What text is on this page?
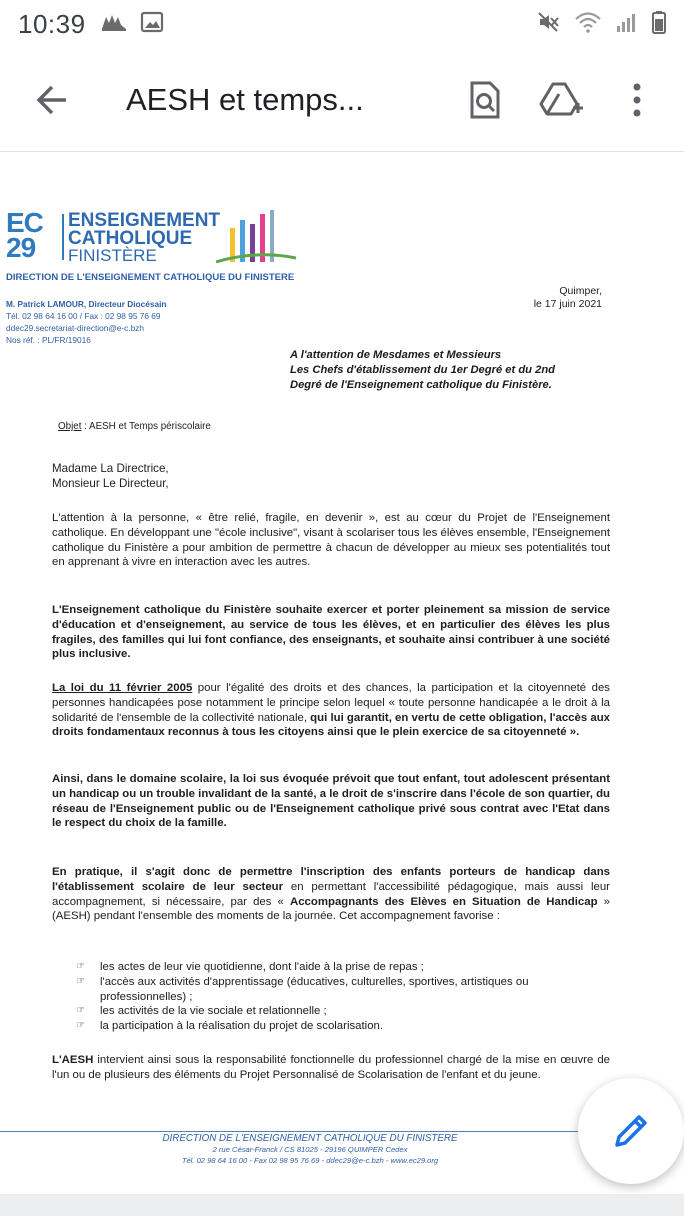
10:39
AESH et temps...
EC
29
ENSEIGNEMENT
CATHOLIQUE
FINISTÈRE
DIRECTION DE L'ENSEIGNEMENT CATHOLIQUE DU FINISTERE
M. Patrick LAMOUR, Directeur Diocésain
Tél. 02 98 64 16 00 / Fax : 02 98 95 76 69
ddec29.secretariat-direction@e-c.bzh
Nos réf. : PL/FR/19016
Quimper,
le 17 juin 2021
A l'attention de Mesdames et Messieurs
Les Chefs d'établissement du 1er Degré et du 2nd
Degré de l'Enseignement catholique du Finistère.
Objet : AESH et Temps périscolaire
Madame La Directrice,
Monsieur Le Directeur,
L'attention à la personne, « être relié, fragile, en devenir », est au cœur du Projet de l'Enseignement catholique. En développant une "école inclusive", visant à scolariser tous les élèves ensemble, l'Enseignement catholique du Finistère a pour ambition de permettre à chacun de développer au mieux ses potentialités tout en apprenant à vivre en interaction avec les autres.
L'Enseignement catholique du Finistère souhaite exercer et porter pleinement sa mission de service d'éducation et d'enseignement, au service de tous les élèves, et en particulier des élèves les plus fragiles, des familles qui lui font confiance, des enseignants, et souhaite ainsi contribuer à une société plus inclusive.
La loi du 11 février 2005 pour l'égalité des droits et des chances, la participation et la citoyenneté des personnes handicapées pose notamment le principe selon lequel « toute personne handicapée a le droit à la solidarité de l'ensemble de la collectivité nationale, qui lui garantit, en vertu de cette obligation, l'accès aux droits fondamentaux reconnus à tous les citoyens ainsi que le plein exercice de sa citoyenneté ».
Ainsi, dans le domaine scolaire, la loi sus évoquée prévoit que tout enfant, tout adolescent présentant un handicap ou un trouble invalidant de la santé, a le droit de s'inscrire dans l'école de son quartier, du réseau de l'Enseignement public ou de l'Enseignement catholique privé sous contrat avec l'Etat dans le respect du choix de la famille.
En pratique, il s'agit donc de permettre l'inscription des enfants porteurs de handicap dans l'établissement scolaire de leur secteur en permettant l'accessibilité pédagogique, mais aussi leur accompagnement, si nécessaire, par des « Accompagnants des Elèves en Situation de Handicap » (AESH) pendant l'ensemble des moments de la journée. Cet accompagnement favorise :
☞ les actes de leur vie quotidienne, dont l'aide à la prise de repas ;
☞ l'accès aux activités d'apprentissage (éducatives, culturelles, sportives, artistiques ou professionnelles) ;
☞ les activités de la vie sociale et relationnelle ;
☞ la participation à la réalisation du projet de scolarisation.
L'AESH intervient ainsi sous la responsabilité fonctionnelle du professionnel chargé de la mise en œuvre de l'un ou de plusieurs des éléments du Projet Personnalisé de Scolarisation de l'enfant et du jeune.
DIRECTION DE L'ENSEIGNEMENT CATHOLIQUE DU FINISTERE
2 rue César-Franck / CS 81025 - 29196 QUIMPER Cedex
Tél. 02 98 64 16 00 - Fax 02 98 95 76 69 - ddec29@e-c.bzh - www.ec29.org
